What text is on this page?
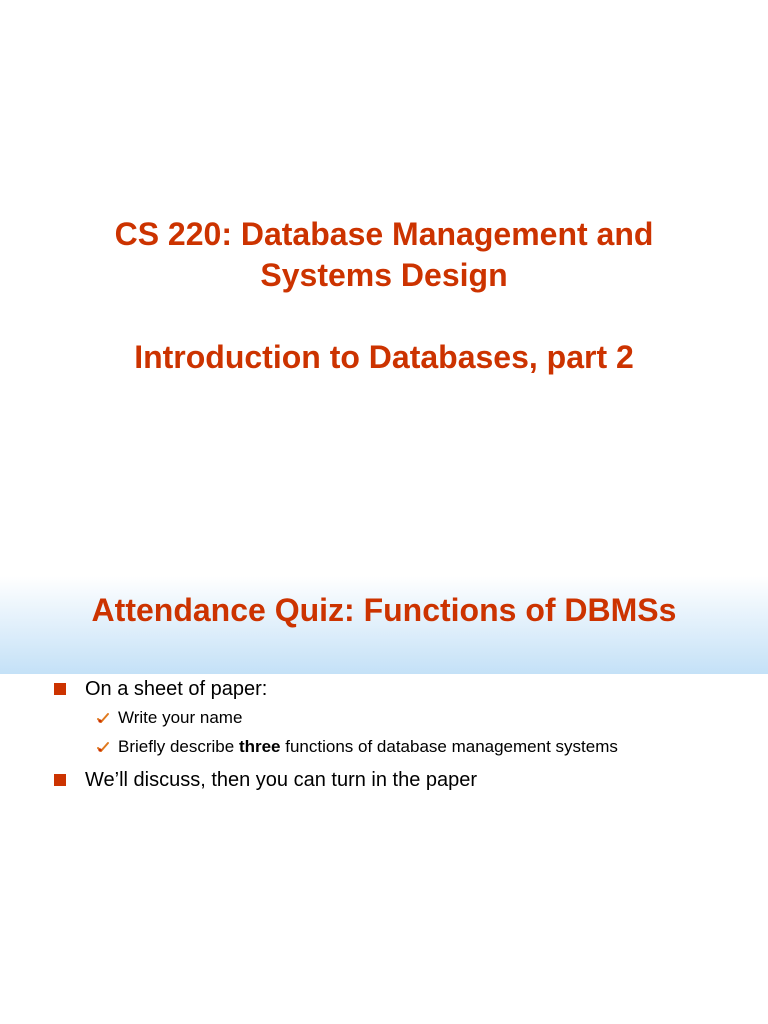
CS 220: Database Management and
Systems Design
Introduction to Databases, part 2
Attendance Quiz: Functions of DBMSs
On a sheet of paper:
Write your name
Briefly describe three functions of database management systems
We’ll discuss, then you can turn in the paper
